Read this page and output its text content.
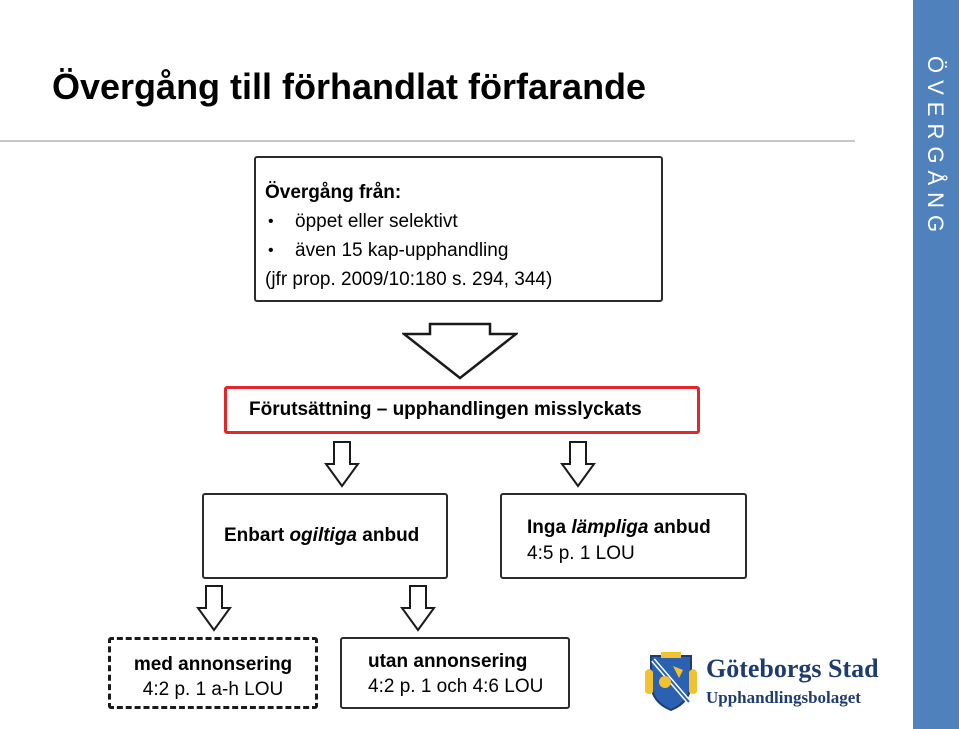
Övergång till förhandlat förfarande	ÖVERGÅNG
Övergång från:
• öppet eller selektivt
• även 15 kap-upphandling
(jfr prop. 2009/10:180 s. 294, 344)
Förutsättning
–
upphandlingen misslyckats
Enbart ogiltiga anbud	Inga lämpliga anbud
4:5 p. 1 LOU
med annonsering
4:2 p. 1 a-h LOU
utan annonsering
4:2 p. 1 och 4:6 LOU
Göteborgs Stad
Upphandlingsbolaget
